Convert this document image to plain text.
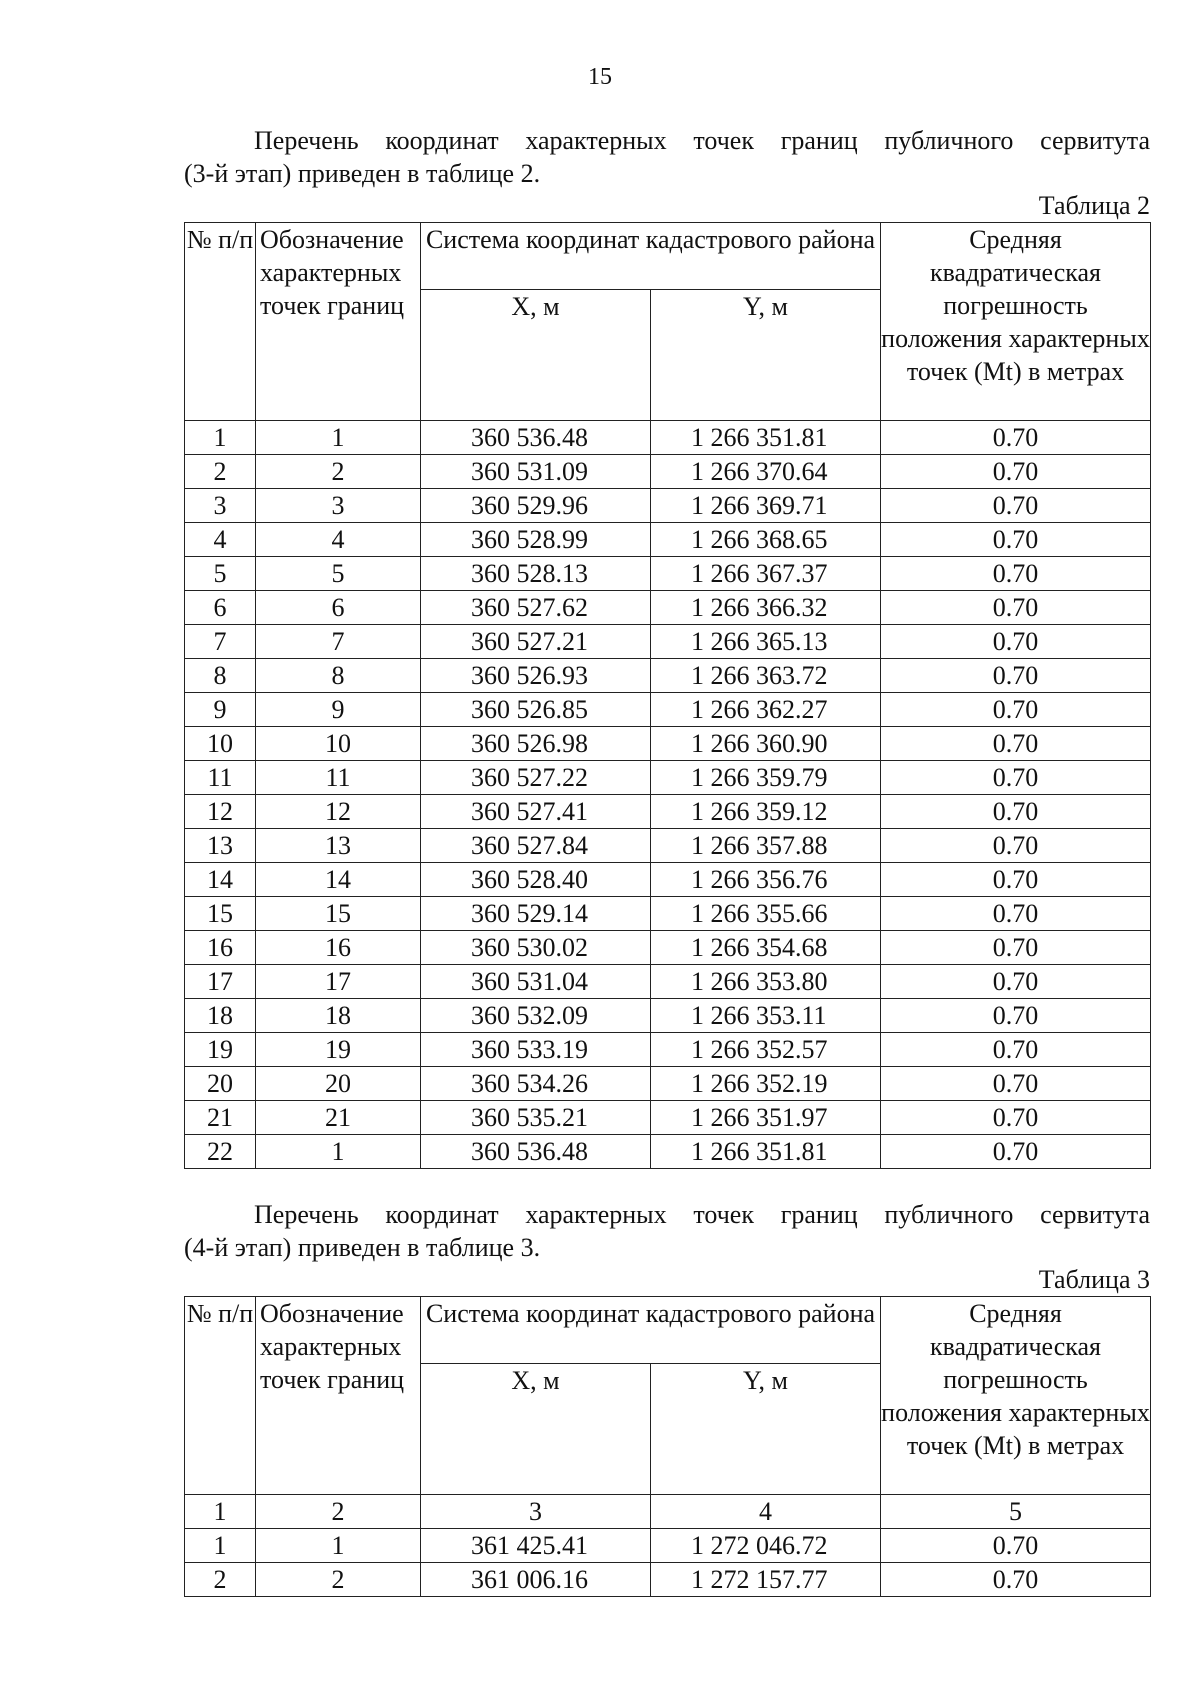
15
Перечень координат характерных точек границ публичного сервитута
(3-й этап) приведен в таблице 2.
Таблица 2
№ п/п	Обозначение характерных точек границ	Система координат кадастрового района		Средняя квадратическая погрешность положения характерных точек (Mt) в метрах
		X, м	Y, м	
1	1	360 536.48	1 266 351.81	0.70
2	2	360 531.09	1 266 370.64	0.70
3	3	360 529.96	1 266 369.71	0.70
4	4	360 528.99	1 266 368.65	0.70
5	5	360 528.13	1 266 367.37	0.70
6	6	360 527.62	1 266 366.32	0.70
7	7	360 527.21	1 266 365.13	0.70
8	8	360 526.93	1 266 363.72	0.70
9	9	360 526.85	1 266 362.27	0.70
10	10	360 526.98	1 266 360.90	0.70
11	11	360 527.22	1 266 359.79	0.70
12	12	360 527.41	1 266 359.12	0.70
13	13	360 527.84	1 266 357.88	0.70
14	14	360 528.40	1 266 356.76	0.70
15	15	360 529.14	1 266 355.66	0.70
16	16	360 530.02	1 266 354.68	0.70
17	17	360 531.04	1 266 353.80	0.70
18	18	360 532.09	1 266 353.11	0.70
19	19	360 533.19	1 266 352.57	0.70
20	20	360 534.26	1 266 352.19	0.70
21	21	360 535.21	1 266 351.97	0.70
22	1	360 536.48	1 266 351.81	0.70
Перечень координат характерных точек границ публичного сервитута
(4-й этап) приведен в таблице 3.
Таблица 3
№ п/п	Обозначение характерных точек границ	Система координат кадастрового района		Средняя квадратическая погрешность положения характерных точек (Mt) в метрах
		X, м	Y, м	
1	2	3	4	5
1	1	361 425.41	1 272 046.72	0.70
2	2	361 006.16	1 272 157.77	0.70
